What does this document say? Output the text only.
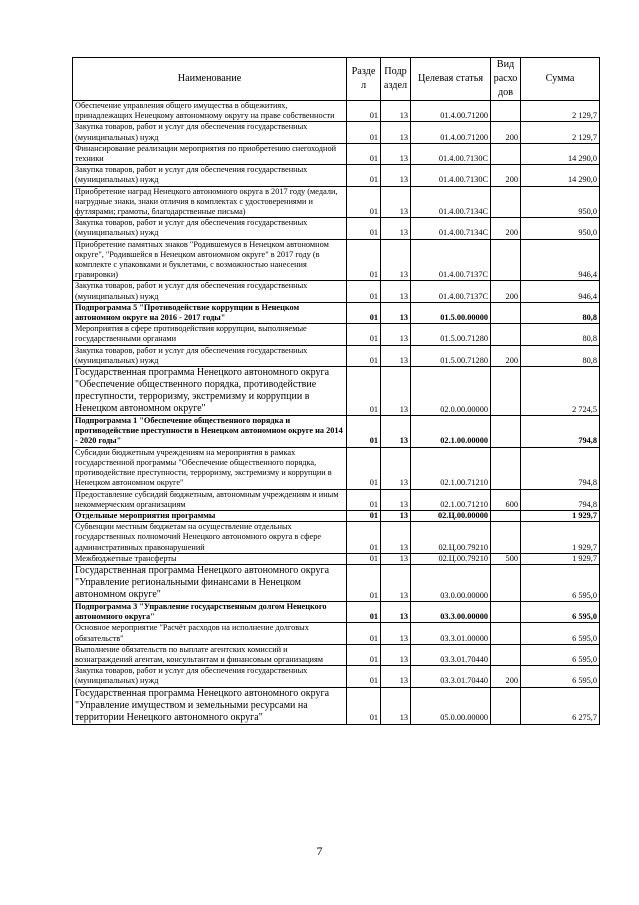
Наименование	Разде л	Подр аздел	Целевая статья	Вид расхо дов	Сумма
Обеспечение управления общего имущества в общежитиях, принадлежащих Ненецкому автономному округу на праве собственности	01	13	01.4.00.71200		2 129,7
Закупка товаров, работ и услуг для обеспечения государственных (муниципальных) нужд	01	13	01.4.00.71200	200	2 129,7
Финансирование реализации мероприятия по приобретению снегоходной техники	01	13	01.4.00.7130С		14 290,0
Закупка товаров, работ и услуг для обеспечения государственных (муниципальных) нужд	01	13	01.4.00.7130С	200	14 290,0
Приобретение наград Ненецкого автономного округа в 2017 году (медали, нагрудные знаки, знаки отличия в комплектах с удостоверениями и футлярами; грамоты, благодарственные письма)	01	13	01.4.00.7134С		950,0
Закупка товаров, работ и услуг для обеспечения государственных (муниципальных) нужд	01	13	01.4.00.7134С	200	950,0
Приобретение памятных знаков "Родившемуся в Ненецком автономном округе", "Родившейся в Ненецком автономном округе" в 2017 году (в комплекте с упаковками и буклетами, с возможностью нанесения гравировки)	01	13	01.4.00.7137С		946,4
Закупка товаров, работ и услуг для обеспечения государственных (муниципальных) нужд	01	13	01.4.00.7137С	200	946,4
Подпрограмма 5 "Противодействие коррупции в Ненецком автономном округе на 2016 - 2017 годы"	01	13	01.5.00.00000		80,8
Мероприятия в сфере противодействия коррупции, выполняемые государственными органами	01	13	01.5.00.71280		80,8
Закупка товаров, работ и услуг для обеспечения государственных (муниципальных) нужд	01	13	01.5.00.71280	200	80,8
Государственная программа Ненецкого автономного округа "Обеспечение общественного порядка, противодействие преступности, терроризму, экстремизму и коррупции в Ненецком автономном округе"	01	13	02.0.00.00000		2 724,5
Подпрограмма 1 "Обеспечение общественного порядка и противодействие преступности в Ненецком автономном округе на 2014 - 2020 годы"	01	13	02.1.00.00000		794,8
Субсидии бюджетным учреждениям на мероприятия в рамках государственной программы "Обеспечение общественного порядка, противодействие преступности, терроризму, экстремизму и коррупции в Ненецком автономном округе"	01	13	02.1.00.71210		794,8
Предоставление субсидий бюджетным, автономным учреждениям и иным некоммерческим организациям	01	13	02.1.00.71210	600	794,8
Отдельные мероприятия программы	01	13	02.Ц.00.00000		1 929,7
Субвенции местным бюджетам на осуществление отдельных государственных полномочий Ненецкого автономного округа в сфере административных правонарушений	01	13	02.Ц.00.79210		1 929,7
Межбюджетные трансферты	01	13	02.Ц.00.79210	500	1 929,7
Государственная программа Ненецкого автономного округа "Управление региональными финансами в Ненецком автономном округе"	01	13	03.0.00.00000		6 595,0
Подпрограмма 3 "Управление государственным долгом Ненецкого автономного округа"	01	13	03.3.00.00000		6 595,0
Основное мероприятие "Расчёт расходов на исполнение долговых обязательств"	01	13	03.3.01.00000		6 595,0
Выполнение обязательств по выплате агентских комиссий и вознаграждений агентам, консультантам и финансовым организациям	01	13	03.3.01.70440		6 595,0
Закупка товаров, работ и услуг для обеспечения государственных (муниципальных) нужд	01	13	03.3.01.70440	200	6 595,0
Государственная программа Ненецкого автономного округа "Управление имуществом и земельными ресурсами на территории Ненецкого автономного округа"	01	13	05.0.00.00000		6 275,7
7
